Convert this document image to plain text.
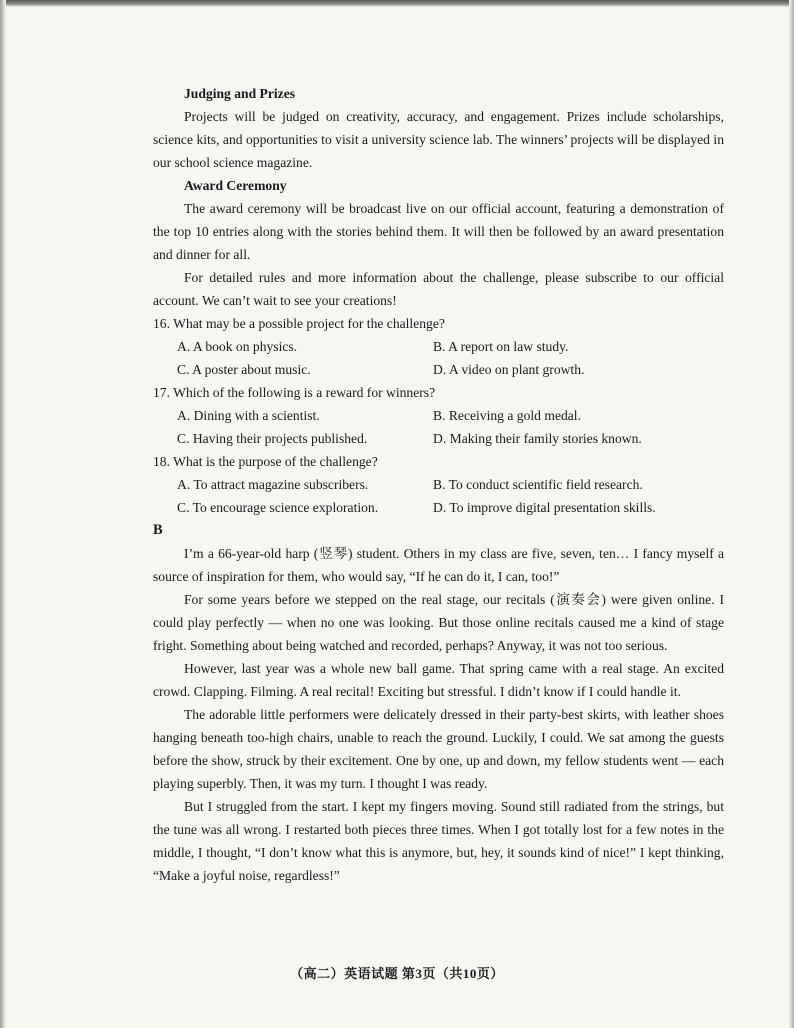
Judging and Prizes

Projects will be judged on creativity, accuracy, and engagement. Prizes include scholarships, science kits, and opportunities to visit a university science lab. The winners’ projects will be displayed in our school science magazine.

Award Ceremony

The award ceremony will be broadcast live on our official account, featuring a demonstration of the top 10 entries along with the stories behind them. It will then be followed by an award presentation and dinner for all.

For detailed rules and more information about the challenge, please subscribe to our official account. We can’t wait to see your creations!

16. What may be a possible project for the challenge?

A. A book on physics.	B. A report on law study.
C. A poster about music.	D. A video on plant growth.

17. Which of the following is a reward for winners?

A. Dining with a scientist.	B. Receiving a gold medal.
C. Having their projects published.	D. Making their family stories known.

18. What is the purpose of the challenge?

A. To attract magazine subscribers.	B. To conduct scientific field research.
C. To encourage science exploration.	D. To improve digital presentation skills.

B

I’m a 66-year-old harp (竖琴) student. Others in my class are five, seven, ten… I fancy myself a source of inspiration for them, who would say, “If he can do it, I can, too!”

For some years before we stepped on the real stage, our recitals (演奏会) were given online. I could play perfectly — when no one was looking. But those online recitals caused me a kind of stage fright. Something about being watched and recorded, perhaps? Anyway, it was not too serious.

However, last year was a whole new ball game. That spring came with a real stage. An excited crowd. Clapping. Filming. A real recital! Exciting but stressful. I didn’t know if I could handle it.

The adorable little performers were delicately dressed in their party-best skirts, with leather shoes hanging beneath too-high chairs, unable to reach the ground. Luckily, I could. We sat among the guests before the show, struck by their excitement. One by one, up and down, my fellow students went — each playing superbly. Then, it was my turn. I thought I was ready.

But I struggled from the start. I kept my fingers moving. Sound still radiated from the strings, but the tune was all wrong. I restarted both pieces three times. When I got totally lost for a few notes in the middle, I thought, “I don’t know what this is anymore, but, hey, it sounds kind of nice!” I kept thinking, “Make a joyful noise, regardless!”

（高二）英语试题 第3页（共10页）
